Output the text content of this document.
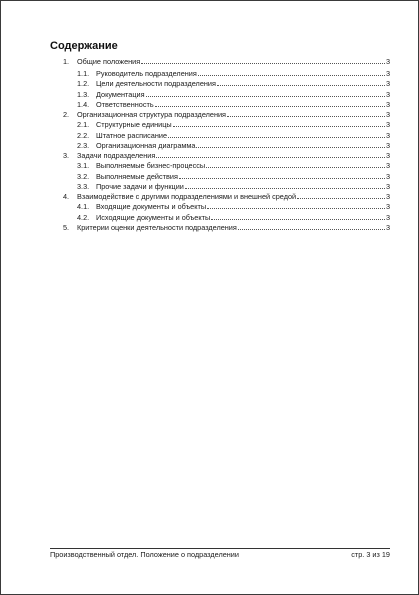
Содержание
1.	Общие положения	3
1.1. Руководитель подразделения	3
1.2. Цели деятельности подразделения	3
1.3. Документация	3
1.4. Ответственность	3
2.	Организационная структура подразделения	3
2.1. Структурные единицы	3
2.2. Штатное расписание	3
2.3. Организационная диаграмма	3
3.	Задачи подразделения	3
3.1. Выполняемые бизнес-процессы	3
3.2. Выполняемые действия	3
3.3. Прочие задачи и функции	3
4.	Взаимодействие с другими подразделениями и внешней средой	3
4.1. Входящие документы и объекты	3
4.2. Исходящие документы и объекты	3
5.	Критерии оценки деятельности подразделения	3
Производственный отдел. Положение о подразделении	стр. 3 из 19
